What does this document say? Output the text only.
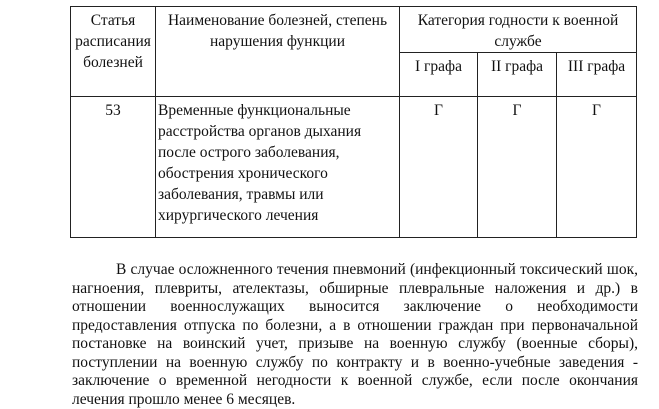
Статья расписания болезней	Наименование болезней, степень нарушения функции	Категория годности к военной службе		

		I графа	II графа	III графа

53	Временные функциональные расстройства органов дыхания после острого заболевания, обострения хронического заболевания, травмы или хирургического лечения	Г	Г	Г

В случае осложненного течения пневмоний (инфекционный токсический шок, нагноения, плевриты, ателектазы, обширные плевральные наложения и др.) в отношении военнослужащих выносится заключение о необходимости предоставления отпуска по болезни, а в отношении граждан при первоначальной постановке на воинский учет, призыве на военную службу (военные сборы), поступлении на военную службу по контракту и в военно-учебные заведения - заключение о временной негодности к военной службе, если после окончания лечения прошло менее 6 месяцев.
